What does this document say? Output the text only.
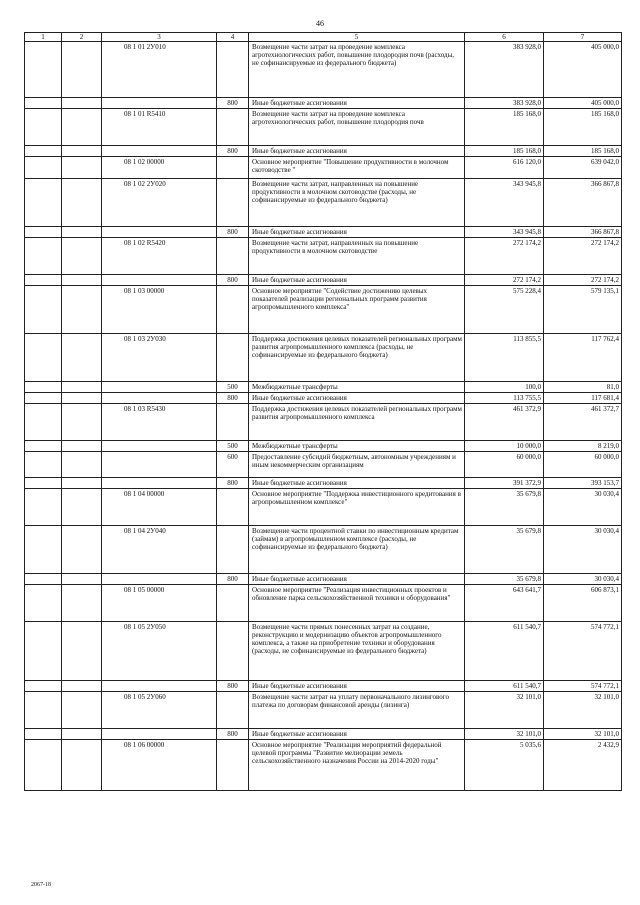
46
1	2	3	4	5	6	7
		08 1 01 2У010		Возмещение части затрат на проведение комплекса агротехнологических работ, повышение плодородия почв (расходы, не софинансируемые из федерального бюджета)	383 928,0	405 000,0
			800	Иные бюджетные ассигнования	383 928,0	405 000,0
		08 1 01 R5410		Возмещение части затрат на проведение комплекса агротехнологических работ, повышение плодородия почв	185 168,0	185 168,0
			800	Иные бюджетные ассигнования	185 168,0	185 168,0
		08 1 02 00000		Основное мероприятие "Повышение продуктивности в молочном скотоводстве "	616 120,0	639 042,0
		08 1 02 2У020		Возмещение части затрат, направленных на повышение продуктивности в молочном скотоводстве (расходы, не софинансируемые из федерального бюджета)	343 945,8	366 867,8
			800	Иные бюджетные ассигнования	343 945,8	366 867,8
		08 1 02 R5420		Возмещение части затрат, направленных на повышение продуктивности в молочном скотоводстве	272 174,2	272 174,2
			800	Иные бюджетные ассигнования	272 174,2	272 174,2
		08 1 03 00000		Основное мероприятие "Содействие достижению целевых показателей реализации региональных программ развития агропромышленного комплекса"	575 228,4	579 135,1
		08 1 03 2У030		Поддержка достижения целевых показателей региональных программ развития агропромышленного комплекса (расходы, не софинансируемые из федерального бюджета)	113 855,5	117 762,4
			500	Межбюджетные трансферты	100,0	81,0
			800	Иные бюджетные ассигнования	113 755,5	117 681,4
		08 1 03 R5430		Поддержка достижения целевых показателей региональных программ развития агропромышленного комплекса	461 372,9	461 372,7
			500	Межбюджетные трансферты	10 000,0	8 219,0
			600	Предоставление субсидий бюджетным, автономным учреждениям и иным некоммерческим организациям	60 000,0	60 000,0
			800	Иные бюджетные ассигнования	391 372,9	393 153,7
		08 1 04 00000		Основное мероприятие "Поддержка инвестиционного кредитования в агропромышленном комплексе"	35 679,8	30 030,4
		08 1 04 2У040		Возмещение части процентной ставки по инвестиционным кредитам (займам) в агропромышленном комплексе (расходы, не софинансируемые из федерального бюджета)	35 679,8	30 030,4
			800	Иные бюджетные ассигнования	35 679,8	30 030,4
		08 1 05 00000		Основное мероприятие "Реализация инвестиционных проектов и обновление парка сельскохозяйственной техники и оборудования"	643 641,7	606 873,1
		08 1 05 2У050		Возмещение части прямых понесенных затрат на создание, реконструкцию и модернизацию объектов агропромышленного комплекса, а также на приобретение техники и оборудования (расходы, не софинансируемые из федерального бюджета)	611 540,7	574 772,1
			800	Иные бюджетные ассигнования	611 540,7	574 772,1
		08 1 05 2У060		Возмещение части затрат на уплату первоначального лизингового платежа по договорам финансовой аренды (лизинга)	32 101,0	32 101,0
			800	Иные бюджетные ассигнования	32 101,0	32 101,0
		08 1 06 00000		Основное мероприятие "Реализация мероприятий федеральной целевой программы "Развитие мелиорации земель сельскохозяйственного назначения России на 2014-2020 годы"	5 035,6	2 432,9
2067-18
